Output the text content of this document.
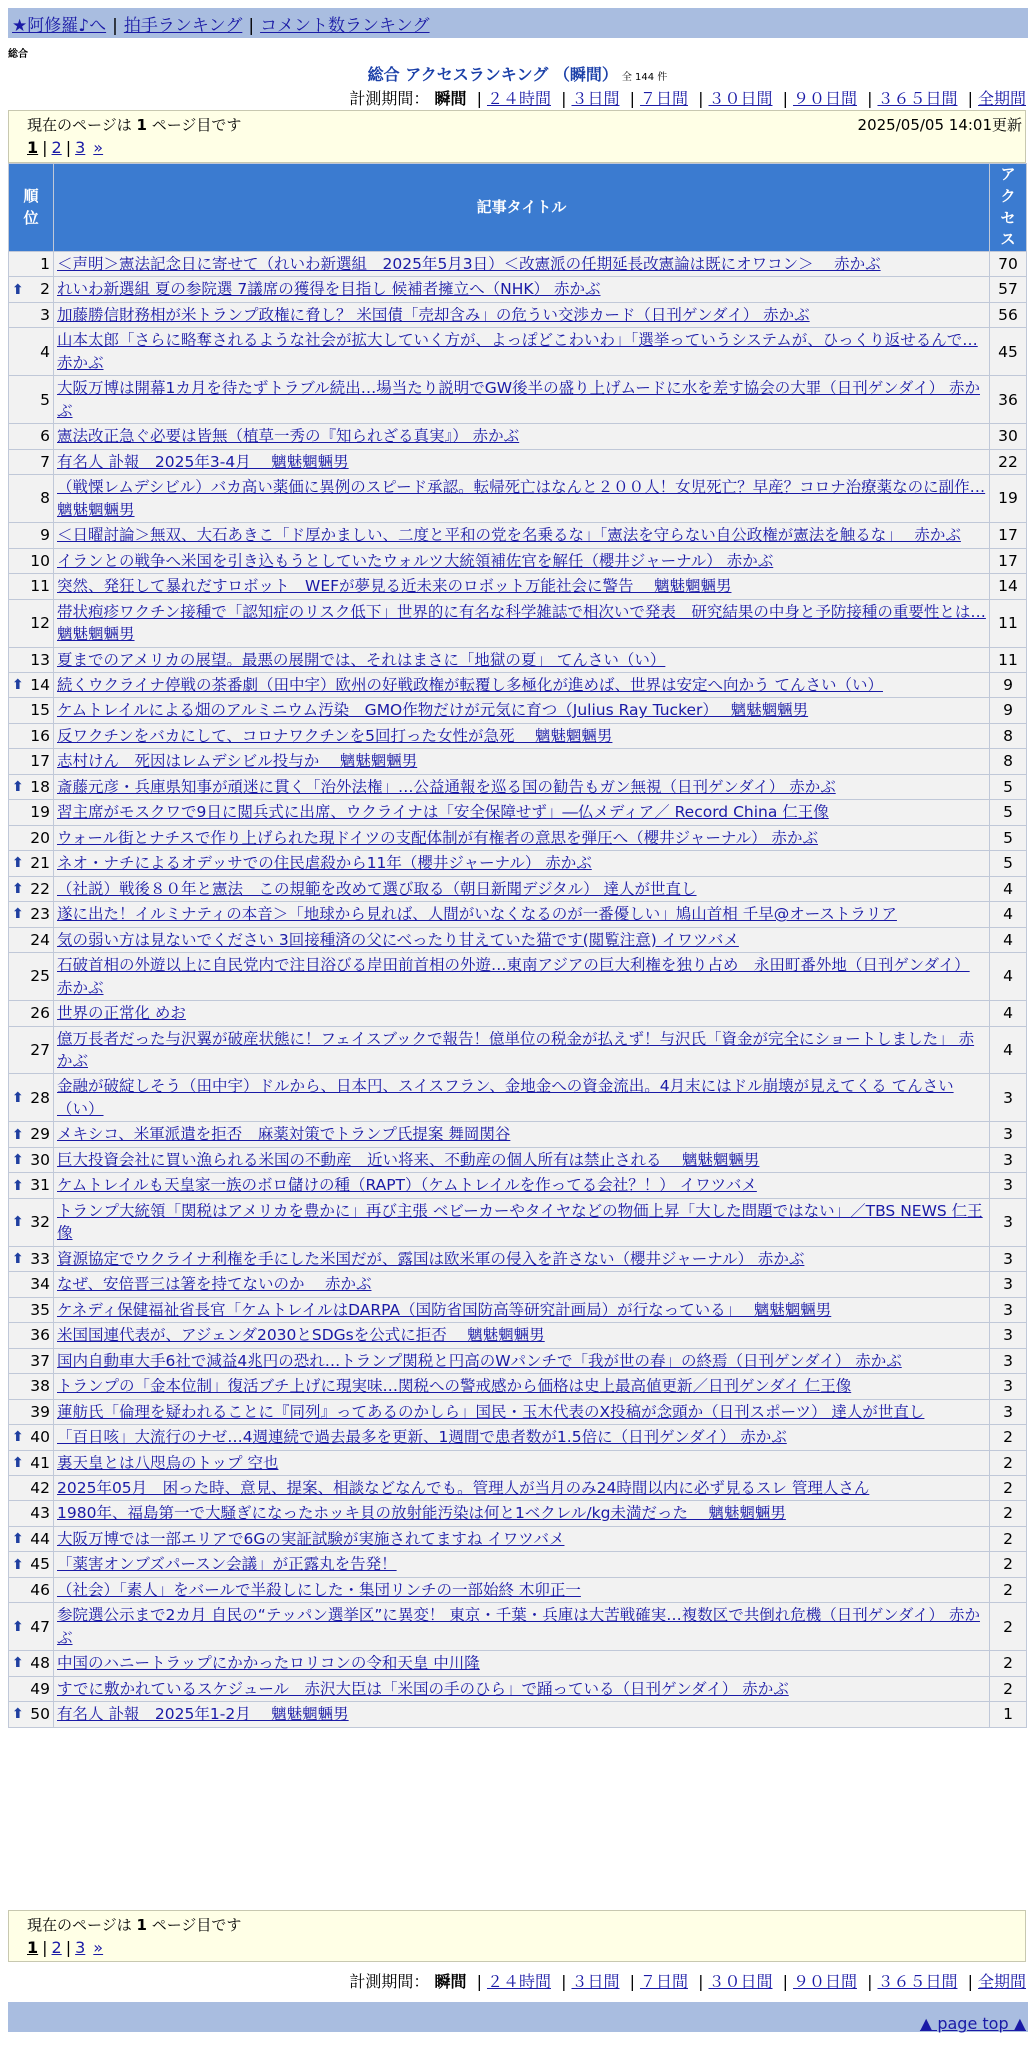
★阿修羅♪へ | 拍手ランキング | コメント数ランキング
総合
総合 アクセスランキング （瞬間） 全 144 件
計測期間： 瞬間 | ２４時間 | ３日間 | ７日間 | ３０日間 | ９０日間 | ３６５日間 | 全期間
現在のページは 1 ページ目です	2025/05/05 14:01更新
1 | 2 | 3 »
順位	記事タイトル	アクセス
1	＜声明＞憲法記念日に寄せて（れいわ新選組　2025年5月3日）＜改憲派の任期延長改憲論は既にオワコン＞　 赤かぶ	70

⬆ 2	れいわ新選組 夏の参院選 7議席の獲得を目指し 候補者擁立へ（NHK） 赤かぶ	57
3	加藤勝信財務相が米トランプ政権に脅し？ 米国債「売却含み」の危うい交渉カード（日刊ゲンダイ） 赤かぶ	56
4	山本太郎「さらに略奪されるような社会が拡大していく方が、よっぽどこわいわ」「選挙っていうシステムが、ひっくり返せるんで… 赤かぶ	45
5	大阪万博は開幕1カ月を待たずトラブル続出…場当たり説明でGW後半の盛り上げムードに水を差す協会の大罪（日刊ゲンダイ） 赤かぶ	36
6	憲法改正急ぐ必要は皆無（植草一秀の『知られざる真実』） 赤かぶ	30
7	有名人 訃報　2025年3-4月　 魑魅魍魎男	22
8	（戦慄レムデシビル）バカ高い薬価に異例のスピード承認。転帰死亡はなんと２００人！女児死亡？早産？コロナ治療薬なのに副作… 魑魅魍魎男	19
9	＜日曜討論＞無双、大石あきこ「ド厚かましい、二度と平和の党を名乗るな」「憲法を守らない自公政権が憲法を触るな」　 赤かぶ	17
10	イランとの戦争へ米国を引き込もうとしていたウォルツ大統領補佐官を解任（櫻井ジャーナル） 赤かぶ	17
11	突然、発狂して暴れだすロボット　WEFが夢見る近未来のロボット万能社会に警告　 魑魅魍魎男	14
12	帯状疱疹ワクチン接種で「認知症のリスク低下」世界的に有名な科学雑誌で相次いで発表　研究結果の中身と予防接種の重要性とは… 魑魅魍魎男	11
13	夏までのアメリカの展望。最悪の展開では、それはまさに「地獄の夏」 てんさい（い）	11

⬆ 14	続くウクライナ停戦の茶番劇（田中宇）欧州の好戦政権が転覆し多極化が進めば、世界は安定へ向かう てんさい（い）	9
15	ケムトレイルによる畑のアルミニウム汚染　GMO作物だけが元気に育つ（Julius Ray Tucker）　 魑魅魍魎男	9
16	反ワクチンをバカにして、コロナワクチンを5回打った女性が急死　 魑魅魍魎男	8
17	志村けん　死因はレムデシビル投与か　 魑魅魍魎男	8

⬆ 18	斎藤元彦・兵庫県知事が頑迷に貫く「治外法権」…公益通報を巡る国の勧告もガン無視（日刊ゲンダイ） 赤かぶ	5
19	習主席がモスクワで9日に閲兵式に出席、ウクライナは「安全保障せず」―仏メディア／ Record China 仁王像	5
20	ウォール街とナチスで作り上げられた現ドイツの支配体制が有権者の意思を弾圧へ（櫻井ジャーナル） 赤かぶ	5

⬆ 21	ネオ・ナチによるオデッサでの住民虐殺から11年（櫻井ジャーナル） 赤かぶ	5

⬆ 22	（社説）戦後８０年と憲法　この規範を改めて選び取る（朝日新聞デジタル） 達人が世直し	4

⬆ 23	遂に出た！イルミナティの本音＞「地球から見れば、人間がいなくなるのが一番優しい」鳩山首相 千早@オーストラリア	4
24	気の弱い方は見ないでください 3回接種済の父にべったり甘えていた猫です(閲覧注意) イワツバメ	4
25	石破首相の外遊以上に自民党内で注目浴びる岸田前首相の外遊…東南アジアの巨大利権を独り占め　永田町番外地（日刊ゲンダイ） 赤かぶ	4
26	世界の正常化 めお	4
27	億万長者だった与沢翼が破産状態に！フェイスブックで報告！億単位の税金が払えず！与沢氏「資金が完全にショートしました」 赤かぶ	4

⬆ 28	金融が破綻しそう（田中宇）ドルから、日本円、スイスフラン、金地金への資金流出。4月末にはドル崩壊が見えてくる てんさい（い）	3

⬆ 29	メキシコ、米軍派遣を拒否　麻薬対策でトランプ氏提案 舞岡関谷	3

⬆ 30	巨大投資会社に買い漁られる米国の不動産　近い将来、不動産の個人所有は禁止される　 魑魅魍魎男	3

⬆ 31	ケムトレイルも天皇家一族のボロ儲けの種（RAPT）（ケムトレイルを作ってる会社？！） イワツバメ	3

⬆ 32	トランプ大統領「関税はアメリカを豊かに」再び主張 ベビーカーやタイヤなどの物価上昇「大した問題ではない」／TBS NEWS 仁王像	3

⬆ 33	資源協定でウクライナ利権を手にした米国だが、露国は欧米軍の侵入を許さない（櫻井ジャーナル） 赤かぶ	3
34	なぜ、安倍晋三は箸を持てないのか　 赤かぶ	3
35	ケネディ保健福祉省長官「ケムトレイルはDARPA（国防省国防高等研究計画局）が行なっている」　 魑魅魍魎男	3
36	米国国連代表が、アジェンダ2030とSDGsを公式に拒否　 魑魅魍魎男	3
37	国内自動車大手6社で減益4兆円の恐れ…トランプ関税と円高のWパンチで「我が世の春」の終焉（日刊ゲンダイ） 赤かぶ	3
38	トランプの「金本位制」復活ブチ上げに現実味…関税への警戒感から価格は史上最高値更新／日刊ゲンダイ 仁王像	3
39	蓮舫氏「倫理を疑われることに『同列』ってあるのかしら」国民・玉木代表のX投稿が念頭か（日刊スポーツ） 達人が世直し	3

⬆ 40	「百日咳」大流行のナゼ…4週連続で過去最多を更新、1週間で患者数が1.5倍に（日刊ゲンダイ） 赤かぶ	2

⬆ 41	裏天皇とは八咫烏のトップ 空也	2
42	2025年05月　困った時、意見、提案、相談などなんでも。管理人が当月のみ24時間以内に必ず見るスレ 管理人さん	2
43	1980年、福島第一で大騒ぎになったホッキ貝の放射能汚染は何と1ベクレル/kg未満だった　 魑魅魍魎男	2

⬆ 44	大阪万博では一部エリアで6Gの実証試験が実施されてますね イワツバメ	2

⬆ 45	「薬害オンブズパースン会議」が正露丸を告発！	2
46	（社会）「素人」をバールで半殺しにした・集団リンチの一部始終 木卯正一	2

⬆ 47	参院選公示まで2カ月 自民の“テッパン選挙区”に異変！ 東京・千葉・兵庫は大苦戦確実…複数区で共倒れ危機（日刊ゲンダイ） 赤かぶ	2

⬆ 48	中国のハニートラップにかかったロリコンの令和天皇 中川隆	2
49	すでに敷かれているスケジュール　赤沢大臣は「米国の手のひら」で踊っている（日刊ゲンダイ） 赤かぶ	2

⬆ 50	有名人 訃報　2025年1-2月　 魑魅魍魎男	1
現在のページは 1 ページ目です
1 | 2 | 3 »
計測期間： 瞬間 | ２４時間 | ３日間 | ７日間 | ３０日間 | ９０日間 | ３６５日間 | 全期間
▲ page top ▲
